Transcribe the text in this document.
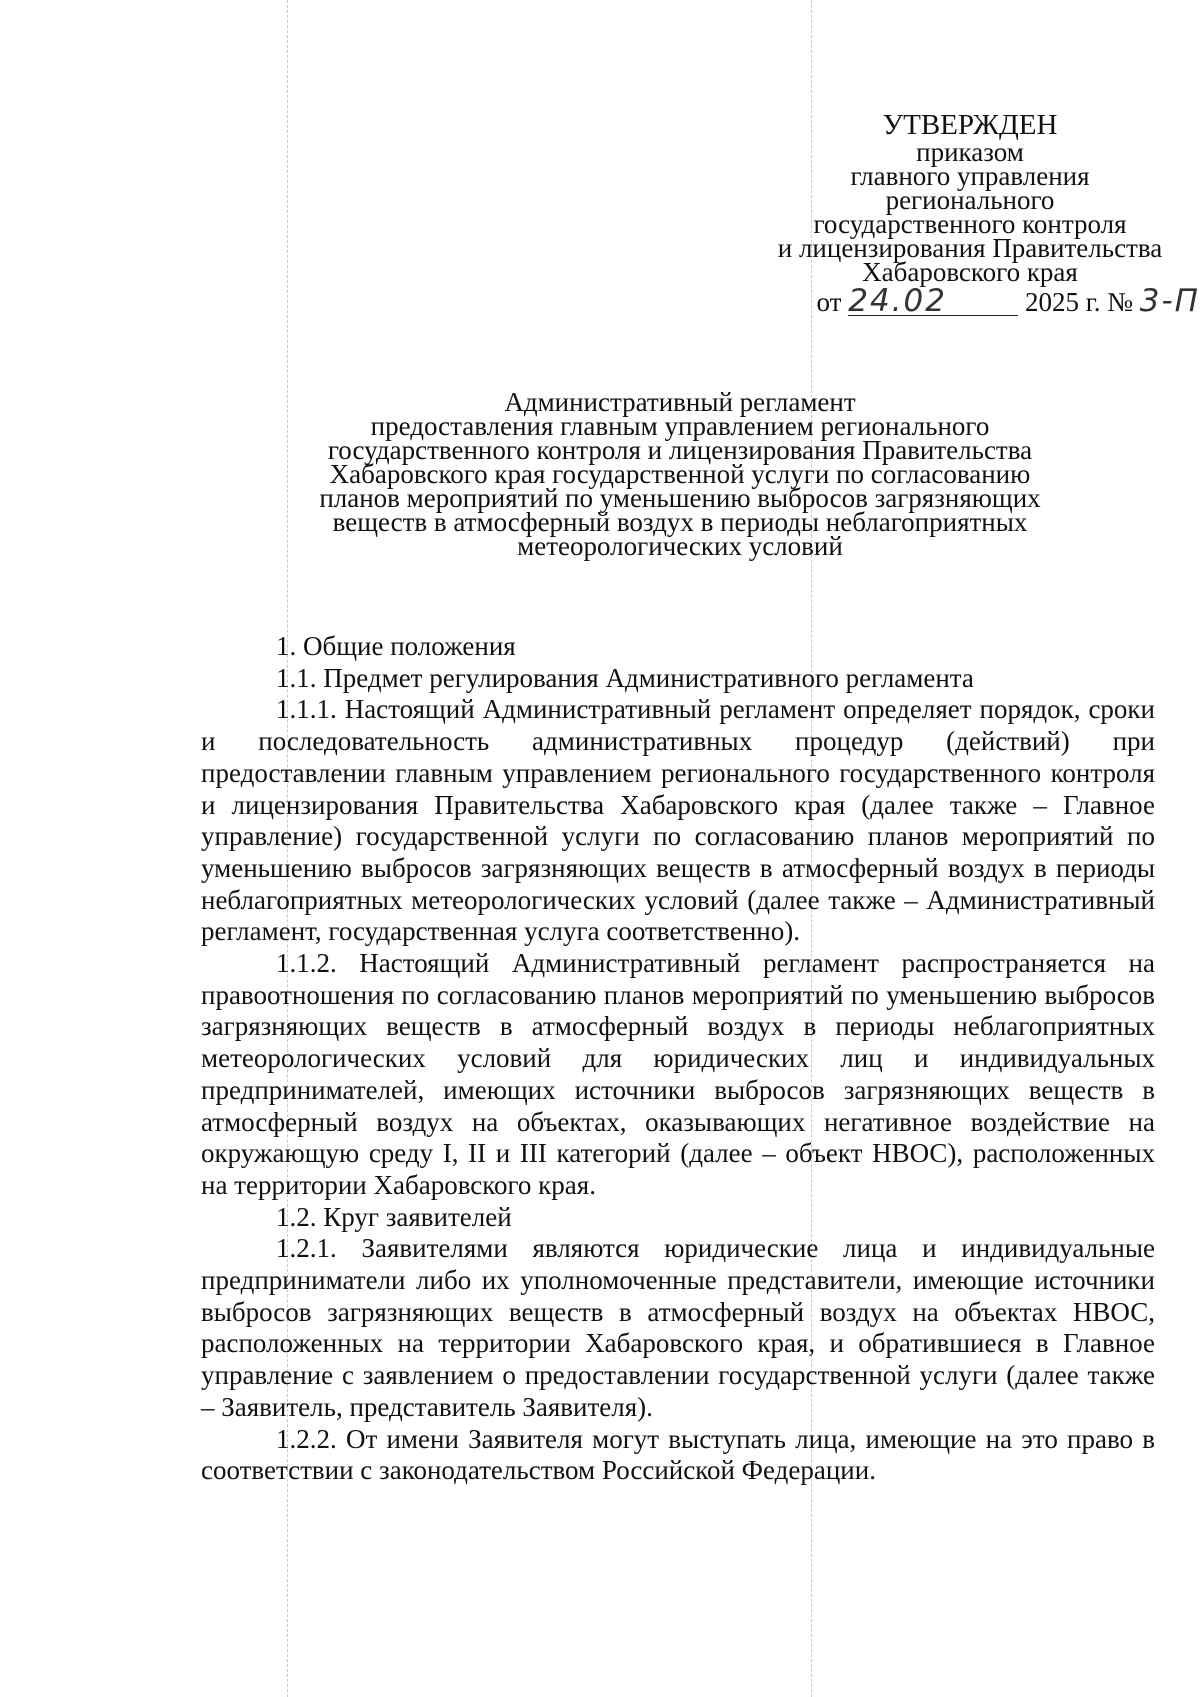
УТВЕРЖДЕН
приказом
главного управления
регионального
государственного контроля
и лицензирования Правительства
Хабаровского края
от 24.02	2025 г. № 3-П
Административный регламент
предоставления главным управлением регионального
государственного контроля и лицензирования Правительства
Хабаровского края государственной услуги по согласованию
планов мероприятий по уменьшению выбросов загрязняющих
веществ в атмосферный воздух в периоды неблагоприятных
метеорологических условий

1. Общие положения

1.1. Предмет регулирования Административного регламента

1.1.1. Настоящий Административный регламент определяет порядок, сроки и последовательность административных процедур (действий) при предоставлении главным управлением регионального государственного контроля и лицензирования Правительства Хабаровского края (далее также – Главное управление) государственной услуги по согласованию планов мероприятий по уменьшению выбросов загрязняющих веществ в атмосферный воздух в периоды неблагоприятных метеорологических условий (далее также – Административный регламент, государственная услуга соответственно).

1.1.2. Настоящий Административный регламент распространяется на правоотношения по согласованию планов мероприятий по уменьшению выбросов загрязняющих веществ в атмосферный воздух в периоды неблагоприятных метеорологических условий для юридических лиц и индивидуальных предпринимателей, имеющих источники выбросов загрязняющих веществ в атмосферный воздух на объектах, оказывающих негативное воздействие на окружающую среду I, II и III категорий (далее – объект НВОС), расположенных на территории Хабаровского края.

1.2. Круг заявителей

1.2.1. Заявителями являются юридические лица и индивидуальные предприниматели либо их уполномоченные представители, имеющие источники выбросов загрязняющих веществ в атмосферный воздух на объектах НВОС, расположенных на территории Хабаровского края, и обратившиеся в Главное управление с заявлением о предоставлении государственной услуги (далее также – Заявитель, представитель Заявителя).

1.2.2. От имени Заявителя могут выступать лица, имеющие на это право в соответствии с законодательством Российской Федерации.
